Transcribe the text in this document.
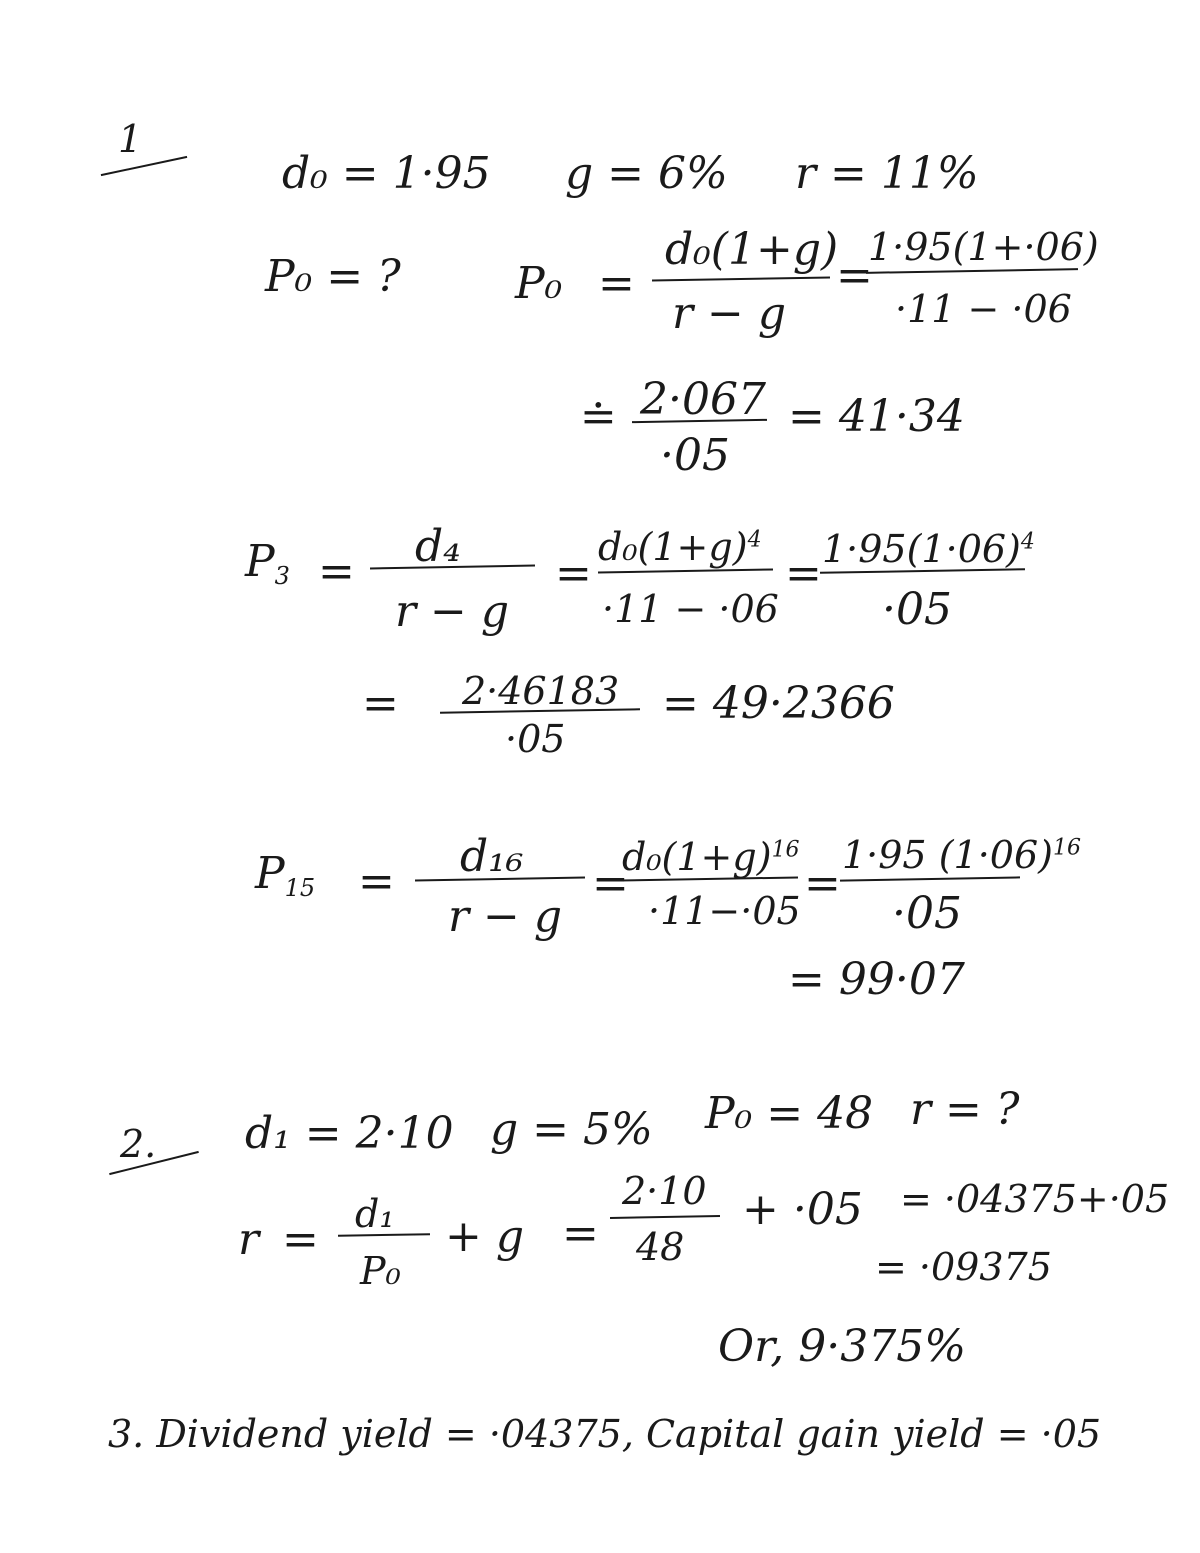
1
d₀ = 1·95 g = 6% r = 11%
P₀ = ?	P₀ =
d₀(1+g)
r − g
=
1·95(1+·06)
·11 − ·06
≐ 2·067
·05
= 41·34
$P_3 = d_4$
r − g
=
$d_0(1+g)^4$
·11 − ·06
= $1\cdot 95(1\cdot 06)^4$
·05
= 2·46183
·05
= 49·2366
$P_{15} = d_{16}$
r − g
=
$d_0(1+g)^{16}$
·11−·05
=
1·95 $(1\cdot 06)^{16}$
·05
= 99·07
2. d₁ = 2·10 g = 5% P₀ = 48 r = ?
r = d₁
P₀
+ g =
2·10
48
+ ·05 = ·04375+·05
= ·09375
Or, 9·375%
3. Dividend yield = ·04375, Capital gain yield = ·05
